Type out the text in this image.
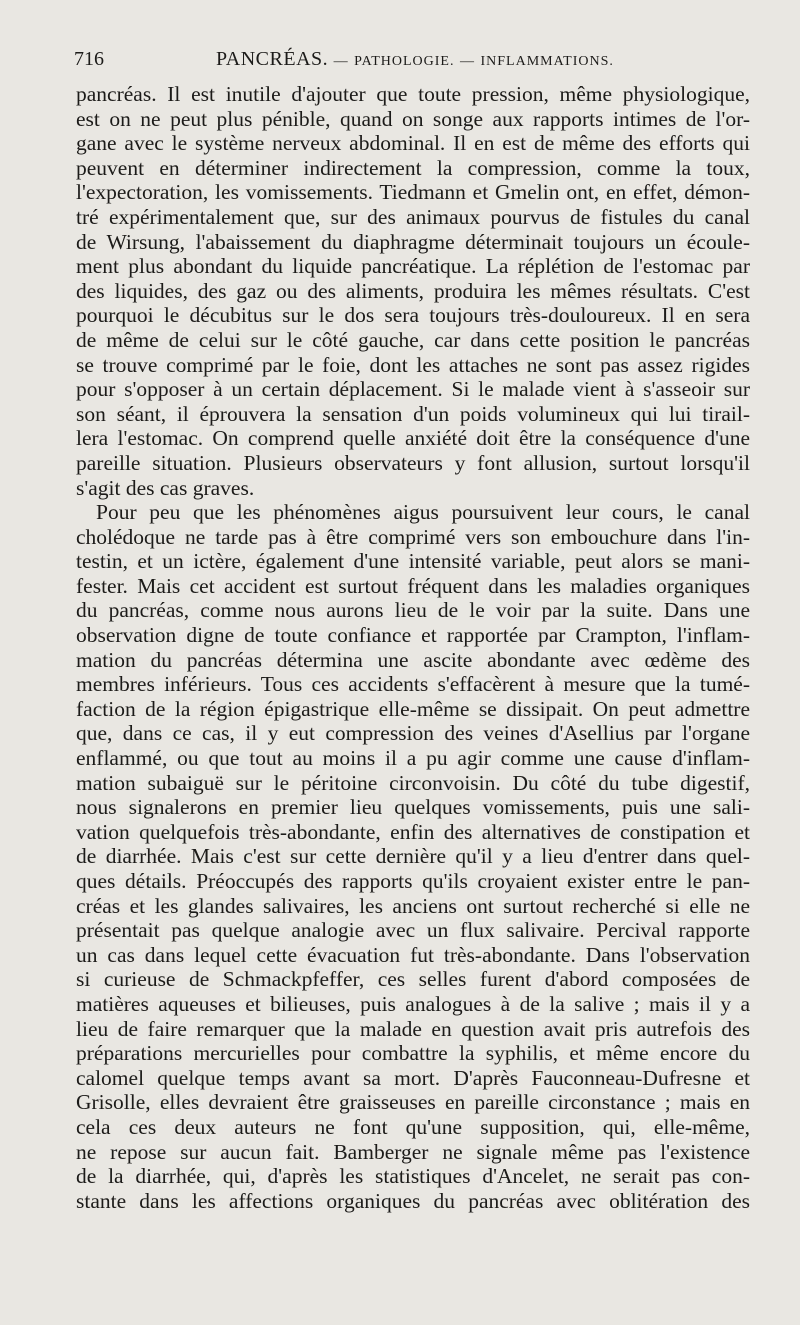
716	PANCRÉAS. — PATHOLOGIE. — INFLAMMATIONS.
pancréas. Il est inutile d'ajouter que toute pression, même physiologique,
est on ne peut plus pénible, quand on songe aux rapports intimes de l'or-
gane avec le système nerveux abdominal. Il en est de même des efforts qui
peuvent en déterminer indirectement la compression, comme la toux,
l'expectoration, les vomissements. Tiedmann et Gmelin ont, en effet, démon-
tré expérimentalement que, sur des animaux pourvus de fistules du canal
de Wirsung, l'abaissement du diaphragme déterminait toujours un écoule-
ment plus abondant du liquide pancréatique. La réplétion de l'estomac par
des liquides, des gaz ou des aliments, produira les mêmes résultats. C'est
pourquoi le décubitus sur le dos sera toujours très-douloureux. Il en sera
de même de celui sur le côté gauche, car dans cette position le pancréas
se trouve comprimé par le foie, dont les attaches ne sont pas assez rigides
pour s'opposer à un certain déplacement. Si le malade vient à s'asseoir sur
son séant, il éprouvera la sensation d'un poids volumineux qui lui tirail-
lera l'estomac. On comprend quelle anxiété doit être la conséquence d'une
pareille situation. Plusieurs observateurs y font allusion, surtout lorsqu'il
s'agit des cas graves.
Pour peu que les phénomènes aigus poursuivent leur cours, le canal
cholédoque ne tarde pas à être comprimé vers son embouchure dans l'in-
testin, et un ictère, également d'une intensité variable, peut alors se mani-
fester. Mais cet accident est surtout fréquent dans les maladies organiques
du pancréas, comme nous aurons lieu de le voir par la suite. Dans une
observation digne de toute confiance et rapportée par Crampton, l'inflam-
mation du pancréas détermina une ascite abondante avec œdème des
membres inférieurs. Tous ces accidents s'effacèrent à mesure que la tumé-
faction de la région épigastrique elle-même se dissipait. On peut admettre
que, dans ce cas, il y eut compression des veines d'Asellius par l'organe
enflammé, ou que tout au moins il a pu agir comme une cause d'inflam-
mation subaiguë sur le péritoine circonvoisin. Du côté du tube digestif,
nous signalerons en premier lieu quelques vomissements, puis une sali-
vation quelquefois très-abondante, enfin des alternatives de constipation et
de diarrhée. Mais c'est sur cette dernière qu'il y a lieu d'entrer dans quel-
ques détails. Préoccupés des rapports qu'ils croyaient exister entre le pan-
créas et les glandes salivaires, les anciens ont surtout recherché si elle ne
présentait pas quelque analogie avec un flux salivaire. Percival rapporte
un cas dans lequel cette évacuation fut très-abondante. Dans l'observation
si curieuse de Schmackpfeffer, ces selles furent d'abord composées de
matières aqueuses et bilieuses, puis analogues à de la salive ; mais il y a
lieu de faire remarquer que la malade en question avait pris autrefois des
préparations mercurielles pour combattre la syphilis, et même encore du
calomel quelque temps avant sa mort. D'après Fauconneau-Dufresne et
Grisolle, elles devraient être graisseuses en pareille circonstance ; mais en
cela ces deux auteurs ne font qu'une supposition, qui, elle-même,
ne repose sur aucun fait. Bamberger ne signale même pas l'existence
de la diarrhée, qui, d'après les statistiques d'Ancelet, ne serait pas con-
stante dans les affections organiques du pancréas avec oblitération des
